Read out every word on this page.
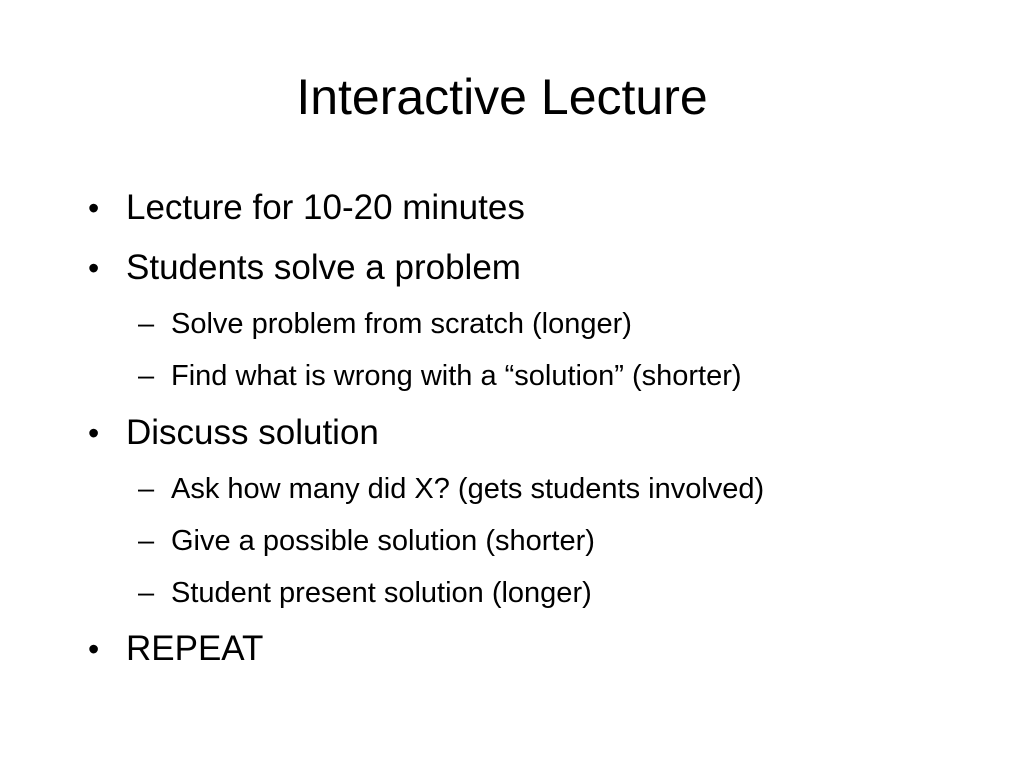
Interactive Lecture
• Lecture for 10-20 minutes
• Students solve a problem
– Solve problem from scratch (longer)
– Find what is wrong with a “solution” (shorter)
• Discuss solution
– Ask how many did X? (gets students involved)
– Give a possible solution (shorter)
– Student present solution (longer)
• REPEAT
